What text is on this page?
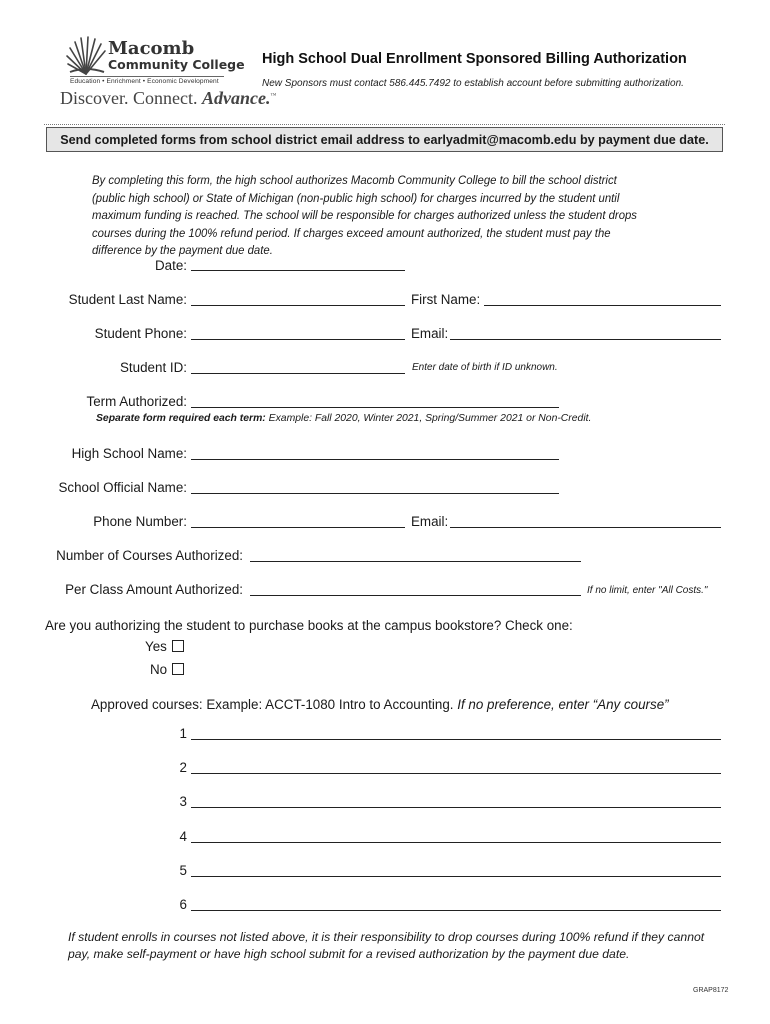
Macomb
Community College
Education • Enrichment • Economic Development
Discover. Connect. Advance.™
High School Dual Enrollment Sponsored Billing Authorization
New Sponsors must contact 586.445.7492 to establish account before submitting authorization.
Send completed forms from school district email address to earlyadmit@macomb.edu by payment due date.
By completing this form, the high school authorizes Macomb Community College to bill the school district (public high school) or State of Michigan (non-public high school) for charges incurred by the student until maximum funding is reached. The school will be responsible for charges authorized unless the student drops courses during the 100% refund period. If charges exceed amount authorized, the student must pay the difference by the payment due date.
Date:
Student Last Name:	First Name:
Student Phone:	Email:
Student ID:	Enter date of birth if ID unknown.
Term Authorized:
Separate form required each term: Example: Fall 2020, Winter 2021, Spring/Summer 2021 or Non-Credit.
High School Name:
School Official Name:
Phone Number:	Email:
Number of Courses Authorized:
Per Class Amount Authorized:	If no limit, enter "All Costs."
Are you authorizing the student to purchase books at the campus bookstore? Check one:
Yes
No
Approved courses: Example: ACCT-1080 Intro to Accounting. If no preference, enter “Any course”
1
2
3
4
5
6
If student enrolls in courses not listed above, it is their responsibility to drop courses during 100% refund if they cannot pay, make self-payment or have high school submit for a revised authorization by the payment due date.
GRAP8172
